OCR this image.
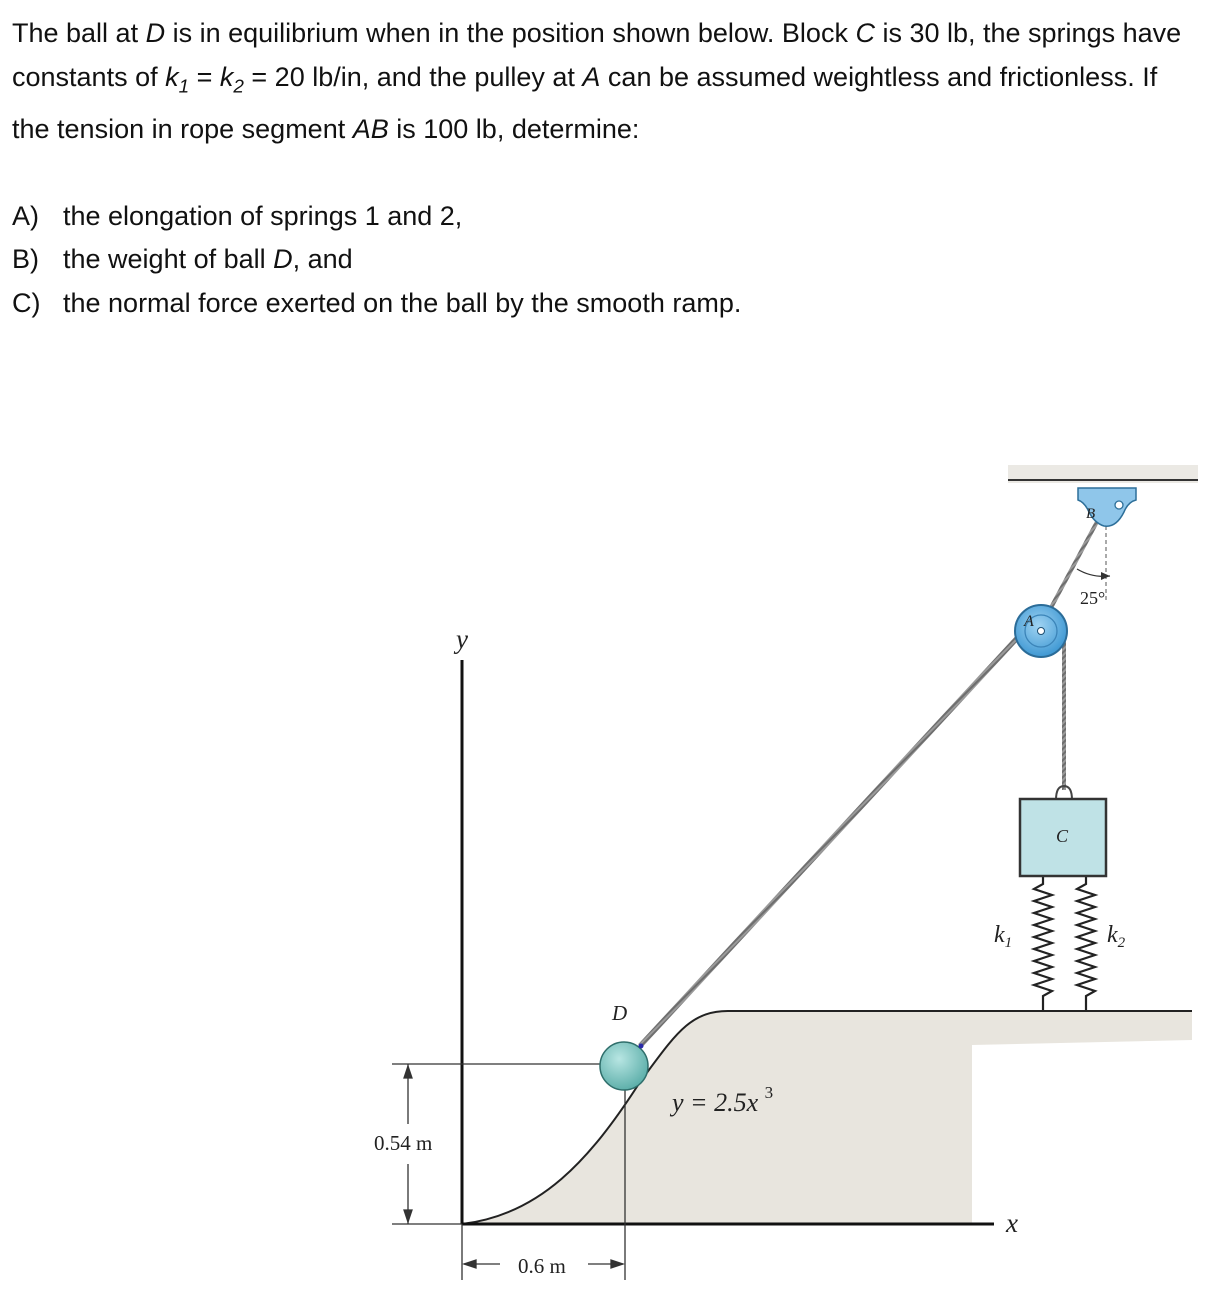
The ball at D is in equilibrium when in the position shown below. Block C is 30 lb, the springs have constants of $k_1 = k_2 = 20$ lb/in, and the pulley at A can be assumed weightless and frictionless. If the tension in rope segment AB is 100 lb, determine:

A) the elongation of springs 1 and 2,
B) the weight of ball D, and
C) the normal force exerted on the ball by the smooth ramp.
y
x
0.54 m
0.6 m
y = 2.5x $^3$
$k_1$	$k_2$
25°
B
A
C
D
